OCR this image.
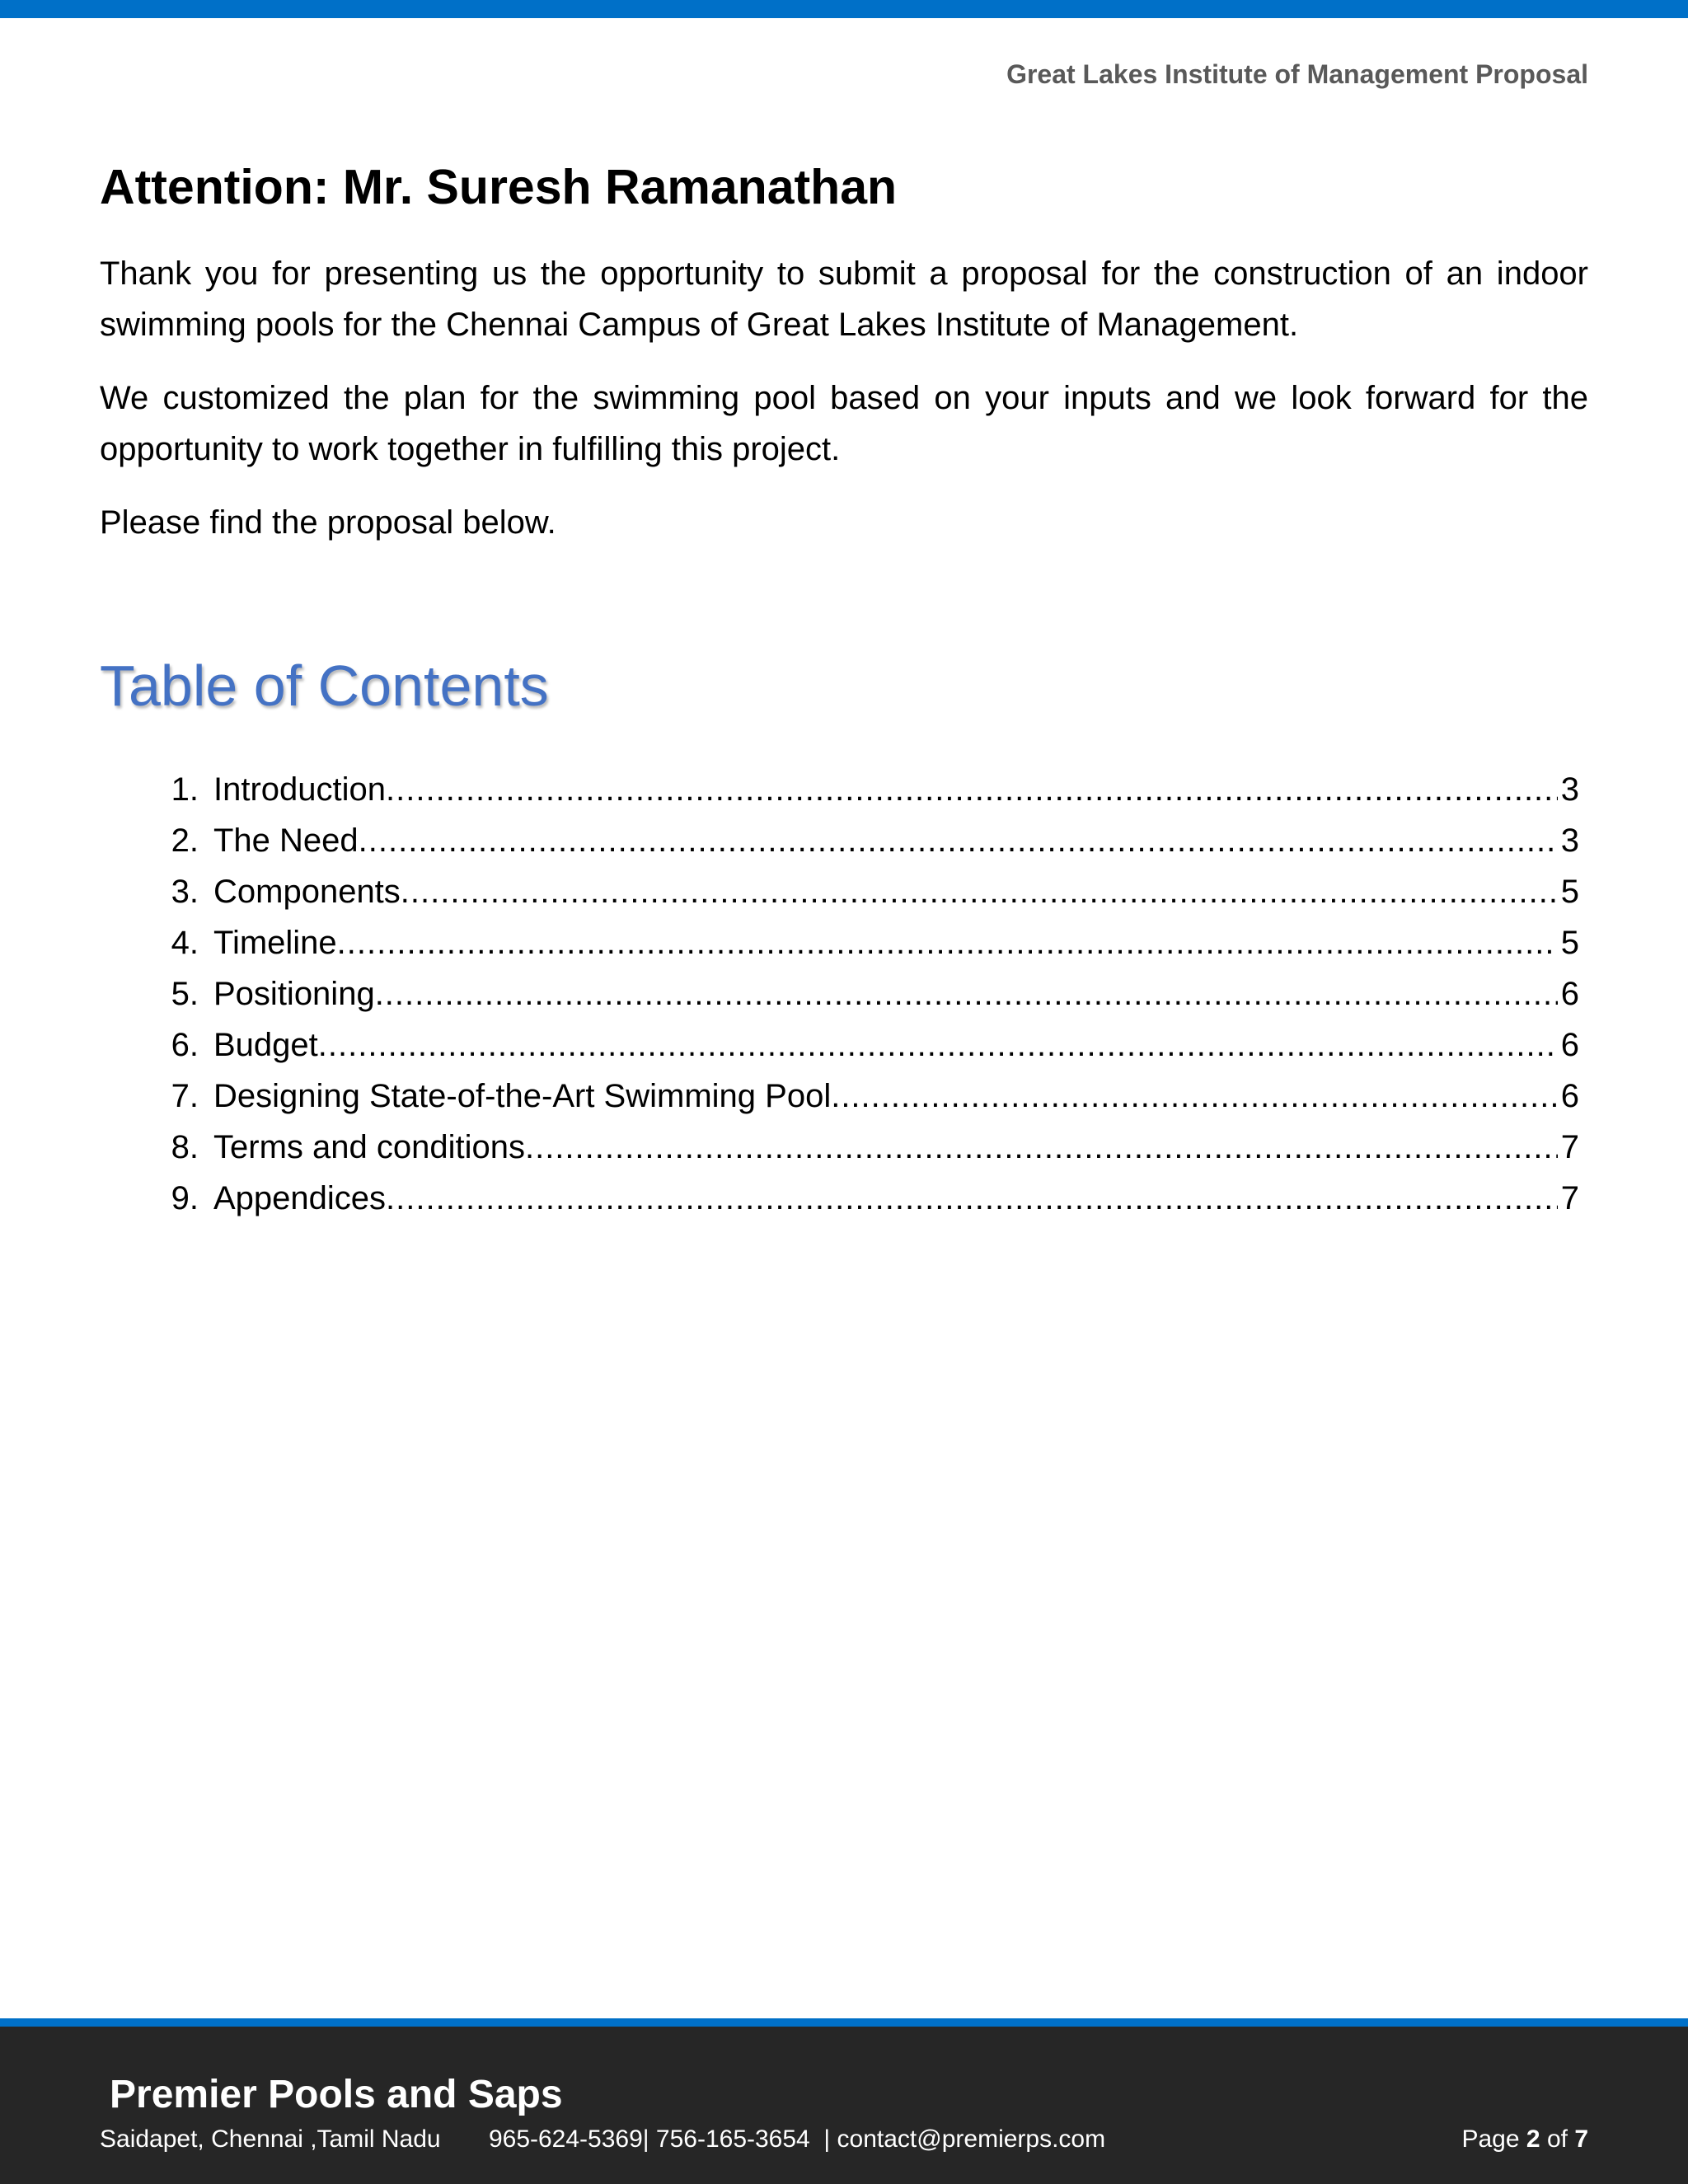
Great Lakes Institute of Management Proposal
Attention: Mr. Suresh Ramanathan

Thank you for presenting us the opportunity to submit a proposal for the construction of an indoor swimming pools for the Chennai Campus of Great Lakes Institute of Management.

We customized the plan for the swimming pool based on your inputs and we look forward for the opportunity to work together in fulfilling this project.

Please find the proposal below.

Table of Contents
1. Introduction .....	3
2. The Need .....	3
3. Components .....	5
4. Timeline .....	5
5. Positioning .....	6
6. Budget .....	6
7. Designing State-of-the-Art Swimming Pool .....	6
8. Terms and conditions .....	7
9. Appendices .....	7
Premier Pools and Saps
Saidapet, Chennai ,Tamil Nadu 965-624-5369| 756-165-3654  | contact@premierps.com	Page 2 of 7
